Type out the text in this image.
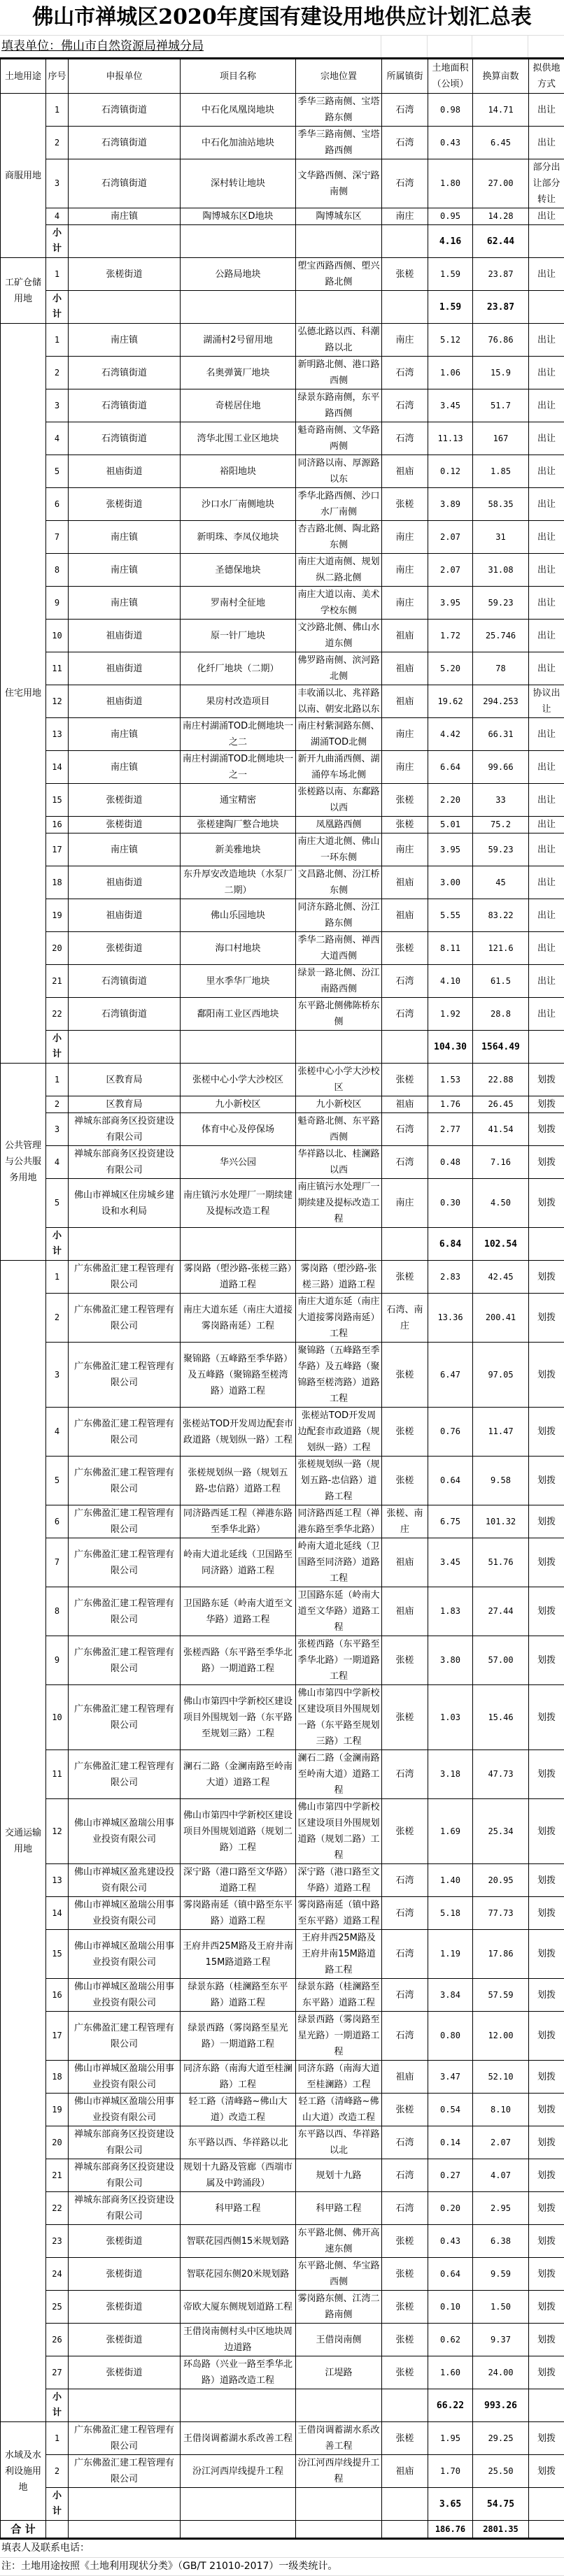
佛山市禅城区2020年度国有建设用地供应计划汇总表
填表单位：佛山市自然资源局禅城分局
土地用途	序号	申报单位	项目名称	宗地位置	所属镇街	土地面积（公顷）	换算亩数	拟供地方式
商服用地	1	石湾镇街道	中石化凤凰岗地块	季华三路南侧、宝塔路东侧	石湾	0.98	14.71	出让
	2	石湾镇街道	中石化加油站地块	季华三路南侧、宝塔路西侧	石湾	0.43	6.45	出让
	3	石湾镇街道	深村转让地块	文华路西侧、深宁路南侧	石湾	1.80	27.00	部分出让部分转让
	4	南庄镇	陶博城东区D地块	陶博城东区	南庄	0.95	14.28	出让
	小计					4.16	62.44	
工矿仓储用地	1	张槎街道	公路局地块	塱宝西路西侧、塱兴路北侧	张槎	1.59	23.87	出让
	小计					1.59	23.87	
住宅用地	1	南庄镇	湖涌村2号留用地	弘德北路以西、科潮路以北	南庄	5.12	76.86	出让
	2	石湾镇街道	名奥弹簧厂地块	新明路北侧、港口路西侧	石湾	1.06	15.9	出让
	3	石湾镇街道	奇槎居住地	绿景东路南侧，东平路西侧	石湾	3.45	51.7	出让
	4	石湾镇街道	湾华北围工业区地块	魁奇路南侧、文华路两侧	石湾	11.13	167	出让
	5	祖庙街道	裕阳地块	同济路以南、厚源路以东	祖庙	0.12	1.85	出让
	6	张槎街道	沙口水厂南侧地块	季华北路西侧、沙口水厂南侧	张槎	3.89	58.35	出让
	7	南庄镇	新明珠、李凤仪地块	杏吉路北侧、陶北路东侧	南庄	2.07	31	出让
	8	南庄镇	圣德保地块	南庄大道南侧、规划纵二路北侧	南庄	2.07	31.08	出让
	9	南庄镇	罗南村全征地	南庄大道以南、美术学校东侧	南庄	3.95	59.23	出让
	10	祖庙街道	原一针厂地块	文沙路北侧、佛山水道东侧	祖庙	1.72	25.746	出让
	11	祖庙街道	化纤厂地块（二期）	佛罗路南侧、滨河路北侧	祖庙	5.20	78	出让
	12	祖庙街道	果房村改造项目	丰收涌以北、兆祥路以南、朝安北路以东	祖庙	19.62	294.253	协议出让
	13	南庄镇	南庄村湖涌TOD北侧地块一之二	南庄村紫洞路东侧、湖涌TOD北侧	南庄	4.42	66.31	出让
	14	南庄镇	南庄村湖涌TOD北侧地块一之一	新开九曲涌西侧、湖涌停车场北侧	南庄	6.64	99.66	出让
	15	张槎街道	通宝精密	张槎路以南、东鄱路以西	张槎	2.20	33	出让
	16	张槎街道	张槎建陶厂整合地块	凤凰路西侧	张槎	5.01	75.2	出让
	17	南庄镇	新美雅地块	南庄大道北侧、佛山一环东侧	南庄	3.95	59.23	出让
	18	祖庙街道	东升厚安改造地块（水泵厂二期）	文昌路北侧、汾江桥东侧	祖庙	3.00	45	出让
	19	祖庙街道	佛山乐园地块	同济东路北侧、汾江路东侧	祖庙	5.55	83.22	出让
	20	张槎街道	海口村地块	季华二路南侧、禅西大道西侧	张槎	8.11	121.6	出让
	21	石湾镇街道	里水季华厂地块	绿景一路北侧、汾江南路西侧	石湾	4.10	61.5	出让
	22	石湾镇街道	鄱阳南工业区西地块	东平路北侧佛陈桥东侧	石湾	1.92	28.8	出让
	小计					104.30	1564.49	
公共管理与公共服务用地	1	区教育局	张槎中心小学大沙校区	张槎中心小学大沙校区	张槎	1.53	22.88	划拨
	2	区教育局	九小新校区	九小新校区	祖庙	1.76	26.45	划拨
	3	禅城东部商务区投资建设有限公司	体育中心及停保场	魁奇路北侧、东平路西侧	石湾	2.77	41.54	划拨
	4	禅城东部商务区投资建设有限公司	华兴公园	华祥路以北、桂澜路以西	石湾	0.48	7.16	划拨
	5	佛山市禅城区住房城乡建设和水利局	南庄镇污水处理厂一期续建及提标改造工程	南庄镇污水处理厂一期续建及提标改造工程	南庄	0.30	4.50	划拨
	小计					6.84	102.54	
交通运输用地	1	广东佛盈汇建工程管理有限公司	雾岗路（塱沙路-张槎三路）道路工程	雾岗路（塱沙路-张槎三路）道路工程	张槎	2.83	42.45	划拨
	2	广东佛盈汇建工程管理有限公司	南庄大道东延（南庄大道接雾岗路南延）工程	南庄大道东延（南庄大道接雾岗路南延）工程	石湾、南庄	13.36	200.41	划拨
	3	广东佛盈汇建工程管理有限公司	聚锦路（五峰路至季华路）及五峰路（聚锦路至槎湾路）道路工程	聚锦路（五峰路至季华路）及五峰路（聚锦路至槎湾路）道路工程	张槎	6.47	97.05	划拨
	4	广东佛盈汇建工程管理有限公司	张槎站TOD开发周边配套市政道路（规划纵一路）工程	张槎站TOD开发周边配套市政道路（规划纵一路）工程	张槎	0.76	11.47	划拨
	5	广东佛盈汇建工程管理有限公司	张槎规划纵一路（规划五路-忠信路）道路工程	张槎规划纵一路（规划五路-忠信路）道路工程	张槎	0.64	9.58	划拨
	6	广东佛盈汇建工程管理有限公司	同济路西延工程（禅港东路至季华北路）	同济路西延工程（禅港东路至季华北路）	张槎、南庄	6.75	101.32	划拨
	7	广东佛盈汇建工程管理有限公司	岭南大道北延线（卫国路至同济路）道路工程	岭南大道北延线（卫国路至同济路）道路工程	祖庙	3.45	51.76	划拨
	8	广东佛盈汇建工程管理有限公司	卫国路东延（岭南大道至文华路）道路工程	卫国路东延（岭南大道至文华路）道路工程	祖庙	1.83	27.44	划拨
	9	广东佛盈汇建工程管理有限公司	张槎西路（东平路至季华北路）一期道路工程	张槎西路（东平路至季华北路）一期道路工程	张槎	3.80	57.00	划拨
	10	广东佛盈汇建工程管理有限公司	佛山市第四中学新校区建设项目外围规划一路（东平路至规划三路）工程	佛山市第四中学新校区建设项目外围规划一路（东平路至规划三路）工程	张槎	1.03	15.46	划拨
	11	广东佛盈汇建工程管理有限公司	澜石二路（金澜南路至岭南大道）道路工程	澜石二路（金澜南路至岭南大道）道路工程	石湾	3.18	47.73	划拨
	12	佛山市禅城区盈瑞公用事业投资有限公司	佛山市第四中学新校区建设项目外围规划道路（规划二路）工程	佛山市第四中学新校区建设项目外围规划道路（规划二路）工程	张槎	1.69	25.34	划拨
	13	佛山市禅城区盈兆建设投资有限公司	深宁路（港口路至文华路）道路工程	深宁路（港口路至文华路）道路工程	石湾	1.40	20.95	划拨
	14	佛山市禅城区盈瑞公用事业投资有限公司	雾岗路南延（镇中路至东平路）道路工程	雾岗路南延（镇中路至东平路）道路工程	石湾	5.18	77.73	划拨
	15	佛山市禅城区盈瑞公用事业投资有限公司	王府井西25M路及王府井南15M路道路工程	王府井西25M路及王府井南15M路道路工程	石湾	1.19	17.86	划拨
	16	佛山市禅城区盈瑞公用事业投资有限公司	绿景东路（桂澜路至东平路）道路工程	绿景东路（桂澜路至东平路）道路工程	石湾	3.84	57.59	划拨
	17	广东佛盈汇建工程管理有限公司	绿景西路（雾岗路至星光路）一期道路工程	绿景西路（雾岗路至星光路）一期道路工程	石湾	0.80	12.00	划拨
	18	佛山市禅城区盈瑞公用事业投资有限公司	同济东路（南海大道至桂澜路）工程	同济东路（南海大道至桂澜路）工程	祖庙	3.47	52.10	划拨
	19	佛山市禅城区盈瑞公用事业投资有限公司	轻工路（清峰路~佛山大道）改造工程	轻工路（清峰路~佛山大道）改造工程	张槎	0.54	8.10	划拨
	20	禅城东部商务区投资建设有限公司	东平路以西、华祥路以北	东平路以西、华祥路以北	石湾	0.14	2.07	划拨
	21	禅城东部商务区投资建设有限公司	规划十九路及管廊（西端市属及中跨涌段）	规划十九路	石湾	0.27	4.07	划拨
	22	禅城东部商务区投资建设有限公司	科甲路工程	科甲路工程	石湾	0.20	2.95	划拨
	23	张槎街道	智联花园西侧15米规划路	东平路北侧、佛开高速东侧	张槎	0.43	6.38	划拨
	24	张槎街道	智联花园东侧20米规划路	东平路北侧、华宝路西侧	张槎	0.64	9.59	划拨
	25	张槎街道	帝欧大厦东侧规划道路工程	雾岗路东侧、江湾二路南侧	张槎	0.10	1.50	划拨
	26	张槎街道	王借岗南侧村头中区地块周边道路	王借岗南侧	张槎	0.62	9.37	划拨
	27	张槎街道	环岛路（兴业一路至季华北路）道路改造工程	江堤路	张槎	1.60	24.00	划拨
	小计					66.22	993.26	
水域及水利设施用地	1	广东佛盈汇建工程管理有限公司	王借岗调蓄湖水系改善工程	王借岗调蓄湖水系改善工程	张槎	1.95	29.25	划拨
	2	广东佛盈汇建工程管理有限公司	汾江河西岸线提升工程	汾江河西岸线提升工程	祖庙	1.70	25.50	划拨
	小计					3.65	54.75	
合 计						186.76	2801.35	
填表人及联系电话：
注：土地用途按照《土地利用现状分类》（GB/T 21010-2017）一级类统计。
